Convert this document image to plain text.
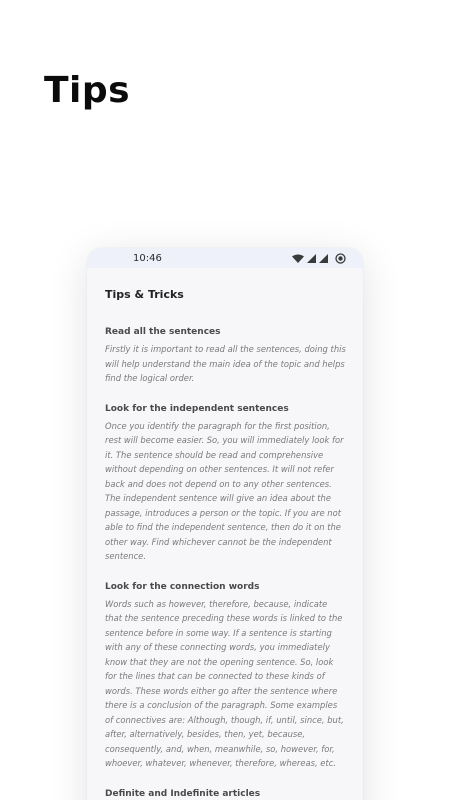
Tips
10:46
Tips & Tricks
Read all the sentences

Firstly it is important to read all the sentences, doing this will help understand the main idea of the topic and helps find the logical order.

Look for the independent sentences

Once you identify the paragraph for the first position, rest will become easier. So, you will immediately look for it. The sentence should be read and comprehensive without depending on other sentences. It will not refer back and does not depend on to any other sentences. The independent sentence will give an idea about the passage, introduces a person or the topic. If you are not able to find the independent sentence, then do it on the other way. Find whichever cannot be the independent sentence.

Look for the connection words

Words such as however, therefore, because, indicate that the sentence preceding these words is linked to the sentence before in some way. If a sentence is starting with any of these connecting words, you immediately know that they are not the opening sentence. So, look for the lines that can be connected to these kinds of words. These words either go after the sentence where there is a conclusion of the paragraph. Some examples of connectives are: Although, though, if, until, since, but, after, alternatively, besides, then, yet, because, consequently, and, when, meanwhile, so, however, for, whoever, whatever, whenever, therefore, whereas, etc.

Definite and Indefinite articles
